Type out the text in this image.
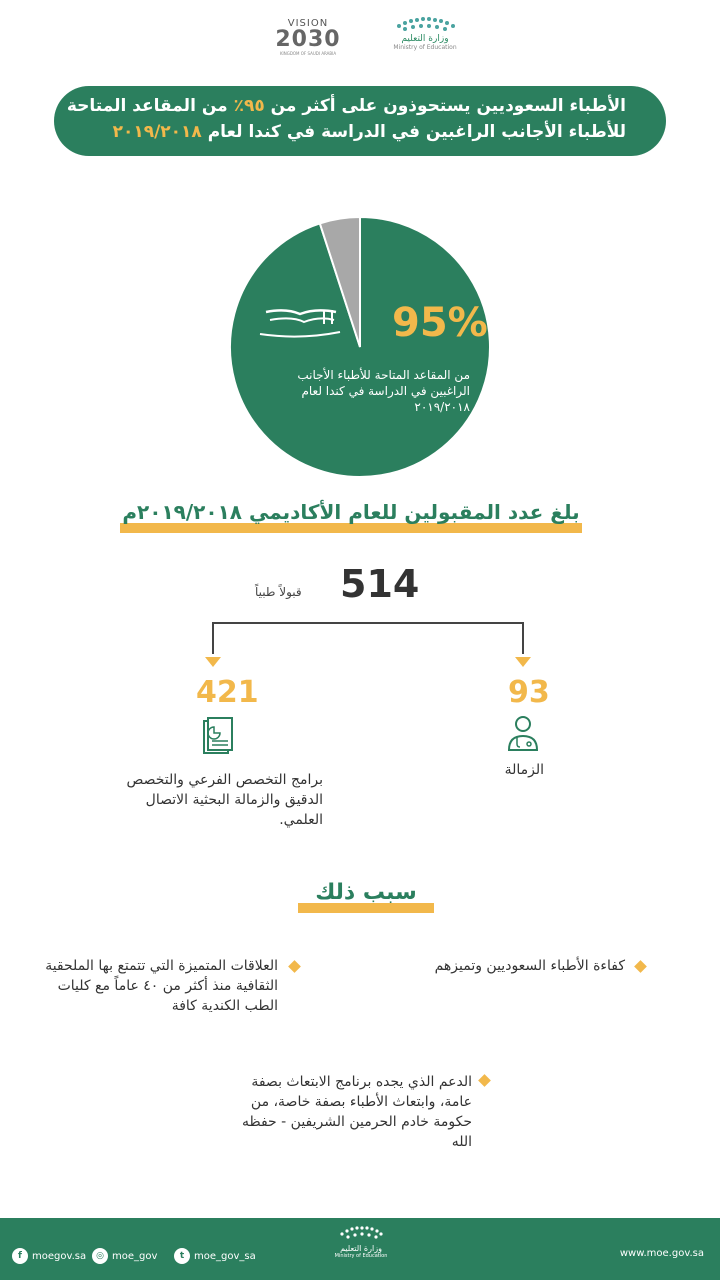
VISION
2030
KINGDOM OF SAUDI ARABIA
وزارة التعليم
Ministry of Education
الأطباء السعوديين يستحوذون على أكثر من ٩٥٪ من المقاعد المتاحة
للأطباء الأجانب الراغبين في الدراسة في كندا لعام ٢٠١٩/٢٠١٨
95%
من المقاعد المتاحة للأطباء الأجانب الراغبين في الدراسة في كندا لعام ٢٠١٩/٢٠١٨
بلغ عدد المقبولين للعام الأكاديمي ٢٠١٩/٢٠١٨م
514
قبولاً طبياً
421	93
برامج التخصص الفرعي والتخصص الدقيق والزمالة البحثية الاتصال العلمي.
الزمالة
سبب ذلك
العلاقات المتميزة التي تتمتع بها الملحقية الثقافية منذ أكثر من ٤٠ عاماً مع كليات الطب الكندية كافة
كفاءة الأطباء السعوديين وتميزهم
الدعم الذي يجده برنامج الابتعاث بصفة عامة، وابتعاث الأطباء بصفة خاصة، من حكومة خادم الحرمين الشريفين - حفظه الله
f	moegov.sa	◎ moe_gov	t moe_gov_sa
وزارة التعليم
Ministry of Education	www.moe.gov.sa
